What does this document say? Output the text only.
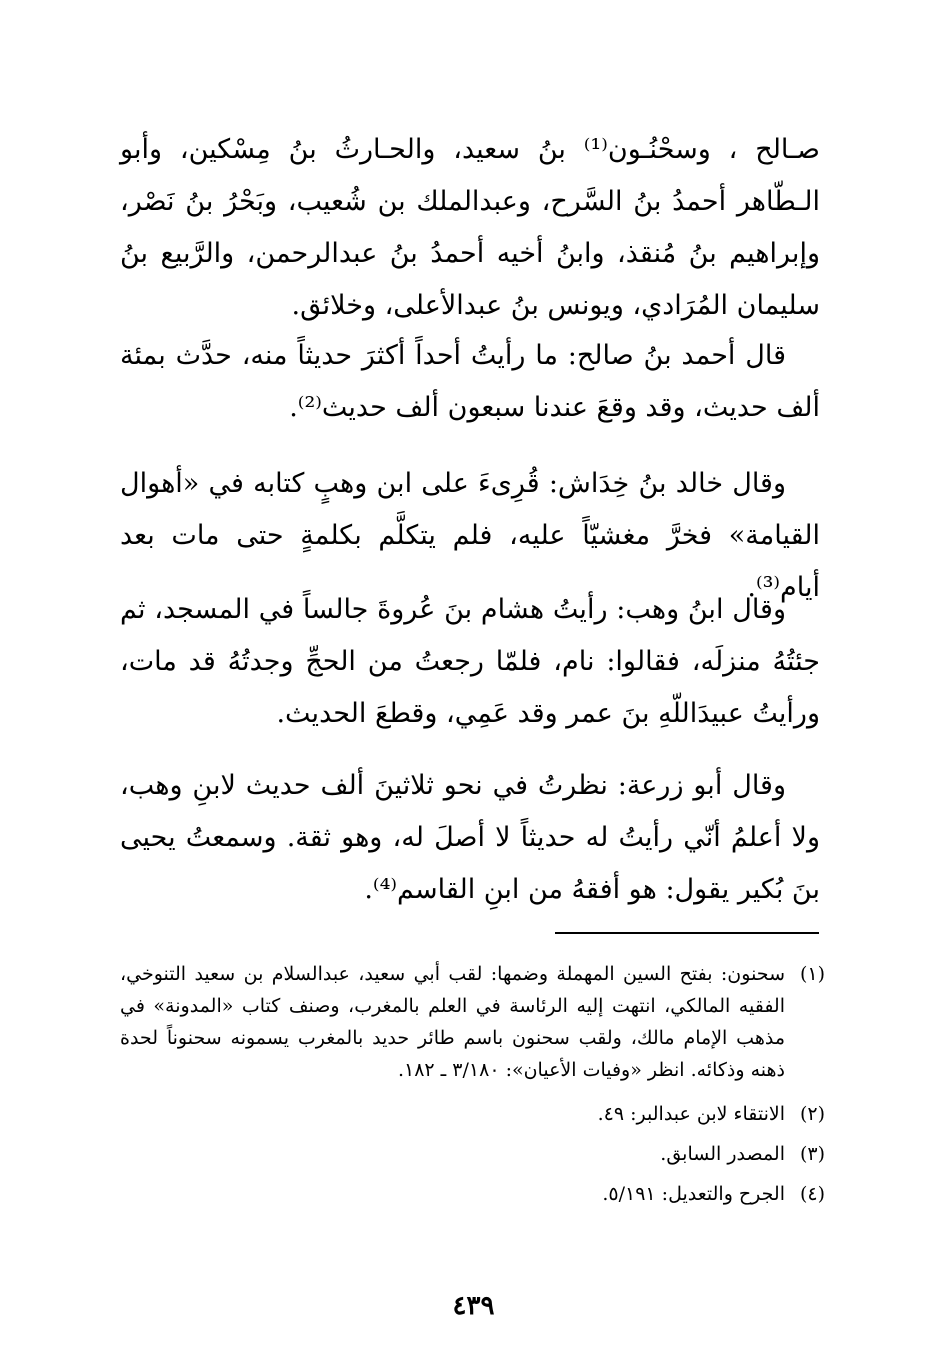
صـالح ، وسحْنُـون⁽¹⁾ بنُ سعيد، والحـارثُ بنُ مِسْكين، وأبو الـطّاهر أحمدُ بنُ السَّرح، وعبدالملك بن شُعيب، وبَحْرُ بنُ نَصْر، وإبراهيم بنُ مُنقذ، وابنُ أخيه أحمدُ بنُ عبدالرحمن، والرَّبيع بنُ سليمان المُرَادي، ويونس بنُ عبدالأعلى، وخلائق.
قال أحمد بنُ صالح: ما رأيتُ أحداً أكثرَ حديثاً منه، حدَّث بمئة ألف حديث، وقد وقعَ عندنا سبعون ألف حديث⁽²⁾.
وقال خالد بنُ خِدَاش: قُرِىءَ على ابن وهبٍ كتابه في «أهوال القيامة» فخرَّ مغشيّاً عليه، فلم يتكلَّم بكلمةٍ حتى مات بعد أيام⁽³⁾.
وقال ابنُ وهب: رأيتُ هشام بنَ عُروةَ جالساً في المسجد، ثم جئتُهُ منزلَه، فقالوا: نام، فلمّا رجعتُ من الحجِّ وجدتُهُ قد مات، ورأيتُ عبيدَاللّهِ بنَ عمر وقد عَمِي، وقطعَ الحديث.
وقال أبو زرعة: نظرتُ في نحو ثلاثينَ ألف حديث لابنِ وهب، ولا أعلمُ أنّي رأيتُ له حديثاً لا أصلَ له، وهو ثقة. وسمعتُ يحيى بنَ بُكير يقول: هو أفقهُ من ابنِ القاسم⁽⁴⁾.
(١)
سحنون: بفتح السين المهملة وضمها: لقب أبي سعيد، عبدالسلام بن سعيد التنوخي، الفقيه المالكي، انتهت إليه الرئاسة في العلم بالمغرب، وصنف كتاب «المدونة» في مذهب الإمام مالك، ولقب سحنون باسم طائر حديد بالمغرب يسمونه سحنوناً لحدة ذهنه وذكائه. انظر «وفيات الأعيان»: ٣/١٨٠ ـ ١٨٢.
(٢)
الانتقاء لابن عبدالبر: ٤٩.
(٣)
المصدر السابق.
(٤)
الجرح والتعديل: ٥/١٩١.
٤٣٩
